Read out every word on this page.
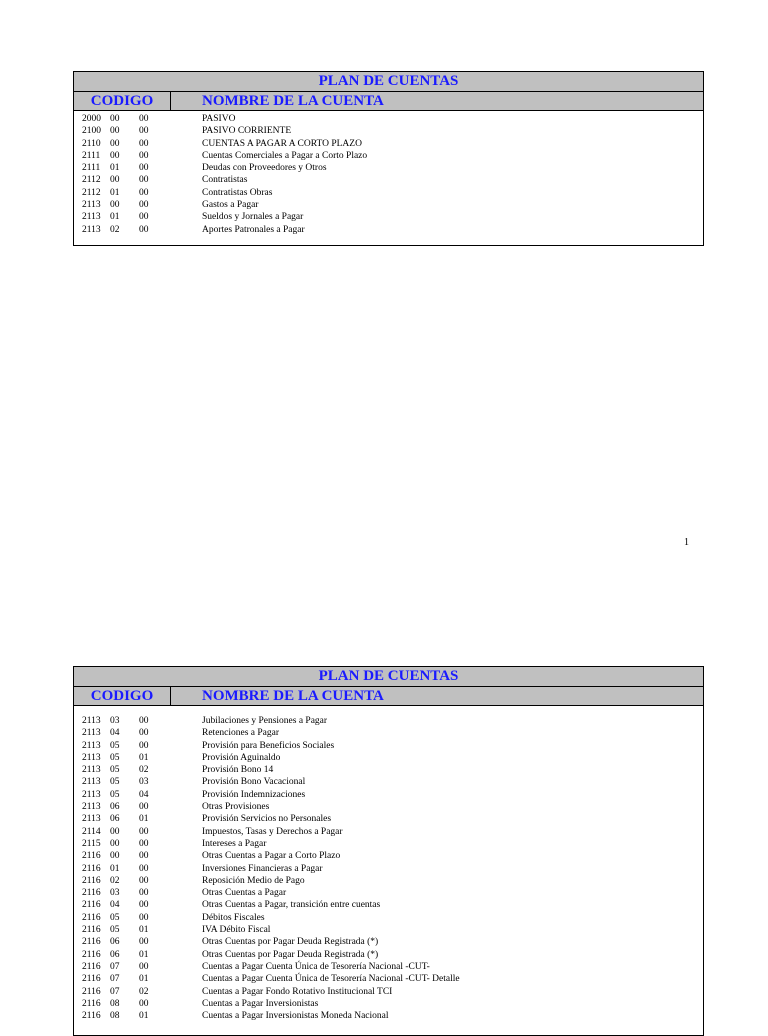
PLAN DE CUENTAS
CODIGO	NOMBRE DE LA CUENTA
2000 00 00	PASIVO
2100 00 00	PASIVO CORRIENTE
2110 00 00	CUENTAS A PAGAR A CORTO PLAZO
2111 00 00	Cuentas Comerciales a Pagar a Corto Plazo
2111 01 00	Deudas con Proveedores y Otros
2112 00 00	Contratistas
2112 01 00	Contratistas Obras
2113 00 00	Gastos a Pagar
2113 01 00	Sueldos y Jornales a Pagar
2113 02 00	Aportes Patronales a Pagar
1
PLAN DE CUENTAS
CODIGO	NOMBRE DE LA CUENTA
2113 03 00	Jubilaciones y Pensiones a Pagar
2113 04 00	Retenciones a Pagar
2113 05 00	Provisión para Beneficios Sociales
2113 05 01	Provisión Aguinaldo
2113 05 02	Provisión Bono 14
2113 05 03	Provisión Bono Vacacional
2113 05 04	Provisión Indemnizaciones
2113 06 00	Otras Provisiones
2113 06 01	Provisión Servicios no Personales
2114 00 00	Impuestos, Tasas y Derechos a Pagar
2115 00 00	Intereses a Pagar
2116 00 00	Otras Cuentas a Pagar a Corto Plazo
2116 01 00	Inversiones Financieras a Pagar
2116 02 00	Reposición Medio de Pago
2116 03 00	Otras Cuentas a Pagar
2116 04 00	Otras Cuentas a Pagar, transición entre cuentas
2116 05 00	Débitos Fiscales
2116 05 01	IVA Débito Fiscal
2116 06 00	Otras Cuentas por Pagar Deuda Registrada (*)
2116 06 01	Otras Cuentas por Pagar Deuda Registrada (*)
2116 07 00	Cuentas a Pagar Cuenta Única de Tesorería Nacional -CUT-
2116 07 01	Cuentas a Pagar Cuenta Única de Tesorería Nacional -CUT- Detalle
2116 07 02	Cuentas a Pagar Fondo Rotativo Institucional TCI
2116 08 00	Cuentas a Pagar Inversionistas
2116 08 01	Cuentas a Pagar Inversionistas Moneda Nacional
